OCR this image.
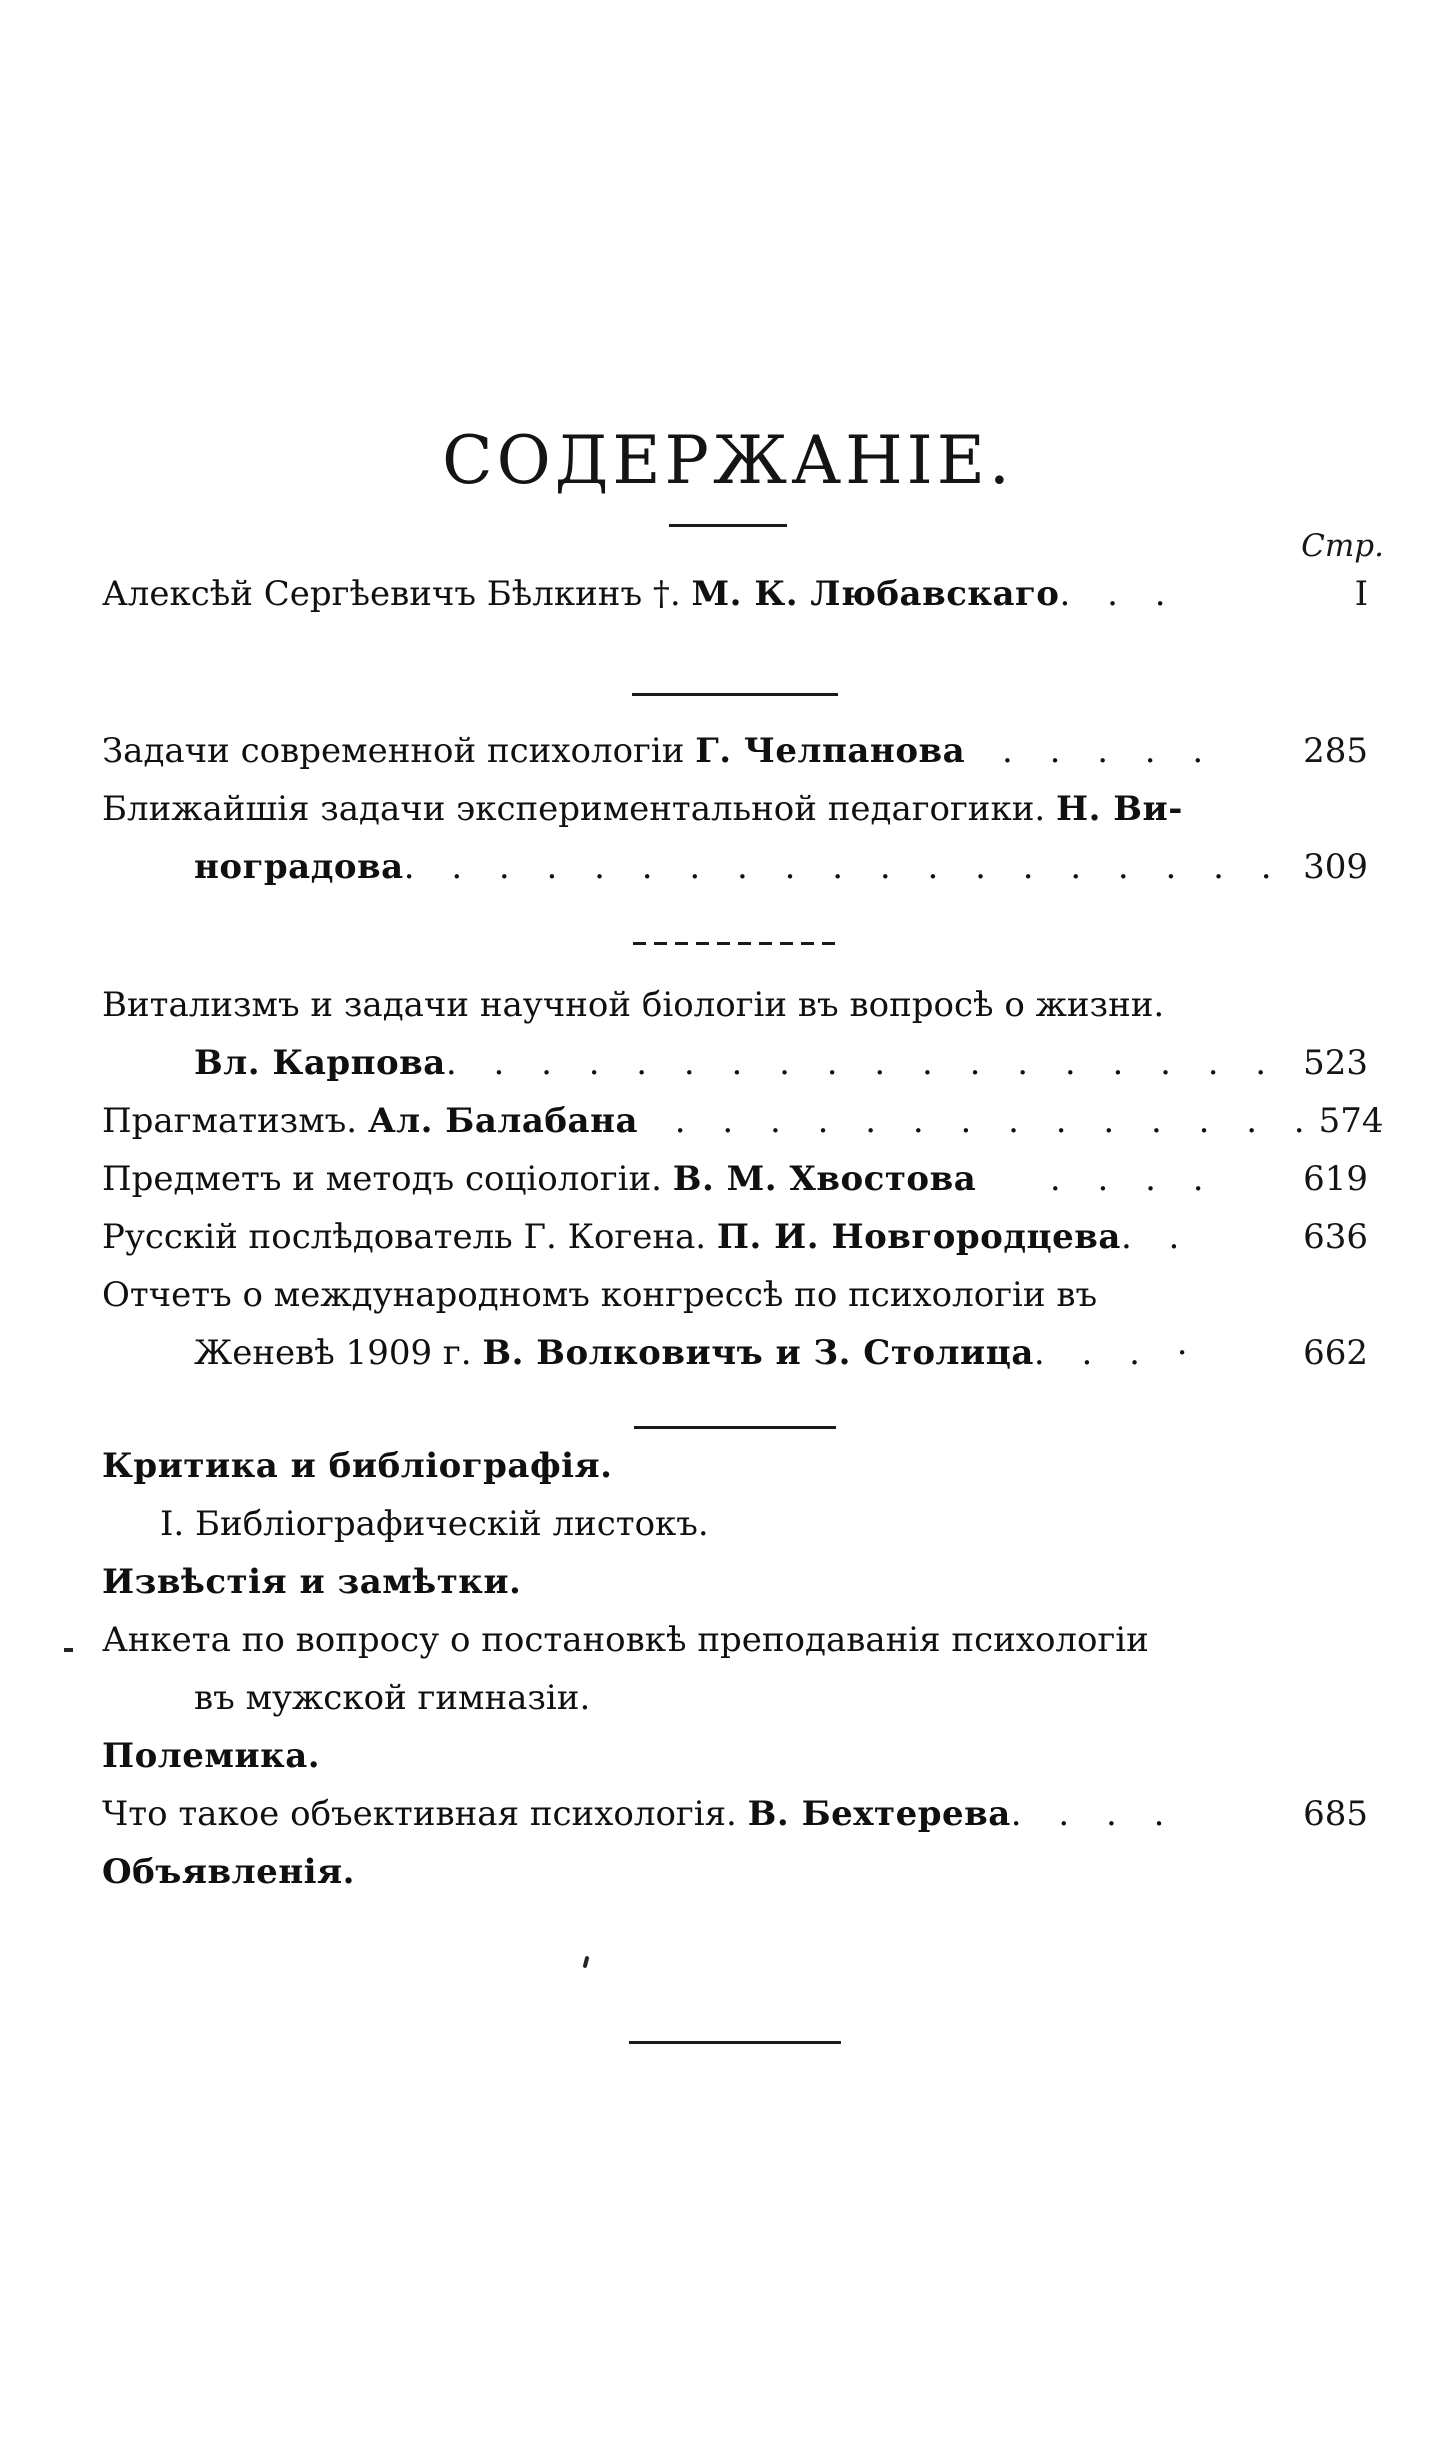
СОДЕРЖАНІЕ.
Стр.
Алексѣй Сергѣевичъ Бѣлкинъ †. М. К. Любавскаго. . .	I
Задачи современной психологіи Г. Челпанова . . . . .	285
Ближайшія задачи экспериментальной педагогики. Н. Ви-
ноградова. . . . . . . . . . . . . . . . . . . 309
Витализмъ и задачи научной біологіи въ вопросѣ о жизни.
Вл. Карпова. . . . . . . . . . . . . . . . . .	523
Прагматизмъ. Ал. Балабана . . . . . . . . . . . . . . 574
Предметъ и методъ соціологіи. В. М. Хвостова  . . . .	619
Русскій послѣдователь Г. Когена. П. И. Новгородцева. .	636
Отчетъ о международномъ конгрессѣ по психологіи въ
Женевѣ 1909 г. В. Волковичъ и З. Столица. . . ·	662
Критика и библіографія.
I. Библіографическій листокъ.
Извѣстія и замѣтки.
Анкета по вопросу о постановкѣ преподаванія психологіи
въ мужской гимназіи.
Полемика.
Что такое объективная психологія. В. Бехтерева. . . .	685
Объявленія.
